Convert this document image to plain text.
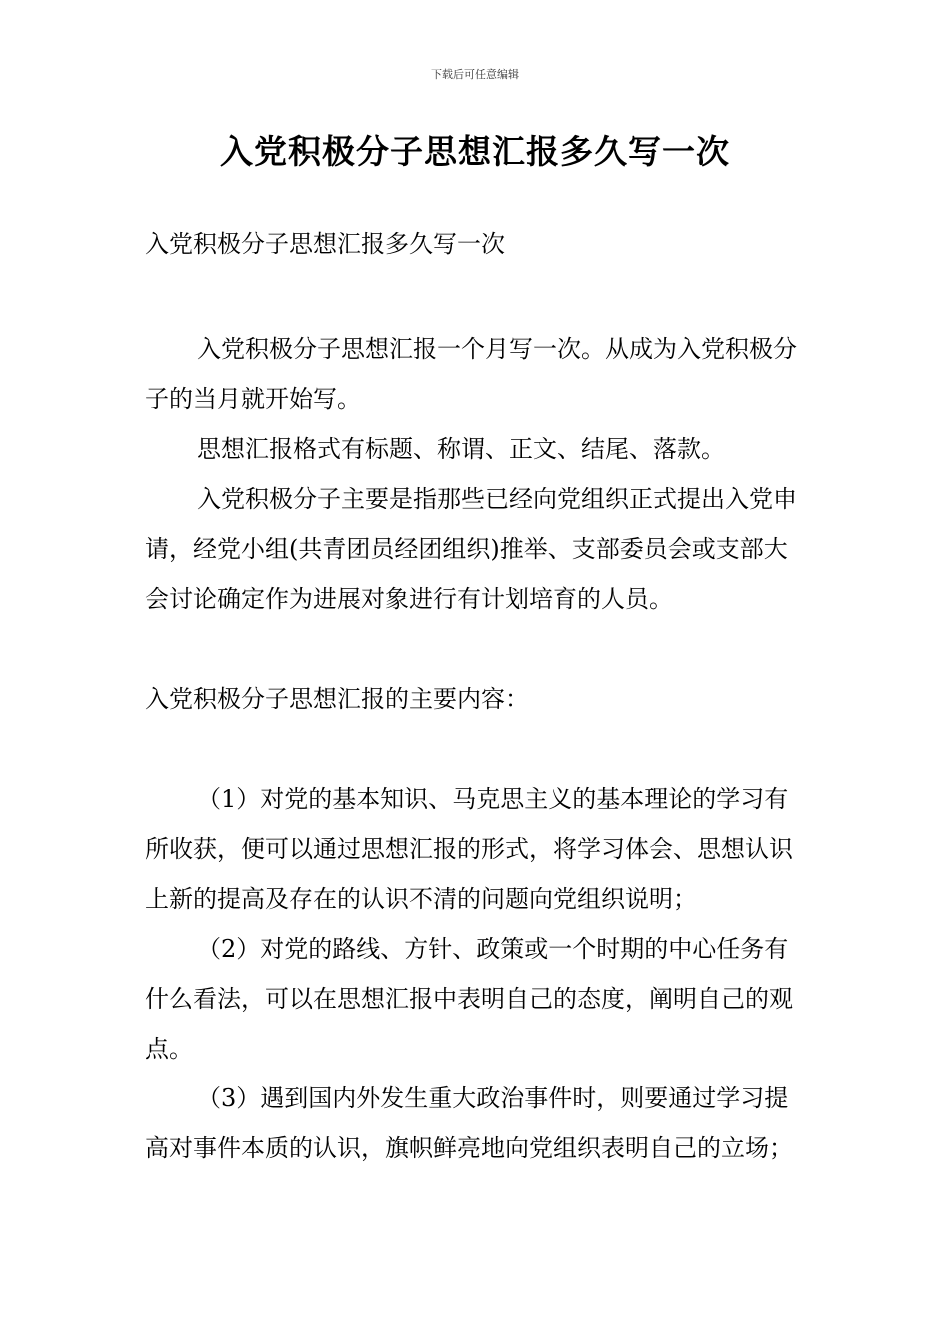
下载后可任意编辑
入党积极分子思想汇报多久写一次

入党积极分子思想汇报多久写一次

入党积极分子思想汇报一个月写一次。从成为入党积极分子的当月就开始写。

思想汇报格式有标题、称谓、正文、结尾、落款。

入党积极分子主要是指那些已经向党组织正式提出入党申请，经党小组(共青团员经团组织)推举、支部委员会或支部大会讨论确定作为进展对象进行有计划培育的人员。

入党积极分子思想汇报的主要内容：

（1）对党的基本知识、马克思主义的基本理论的学习有所收获，便可以通过思想汇报的形式，将学习体会、思想认识上新的提高及存在的认识不清的问题向党组织说明；

（2）对党的路线、方针、政策或一个时期的中心任务有什么看法，可以在思想汇报中表明自己的态度，阐明自己的观点。

（3）遇到国内外发生重大政治事件时，则要通过学习提高对事件本质的认识，旗帜鲜亮地向党组织表明自己的立场；
